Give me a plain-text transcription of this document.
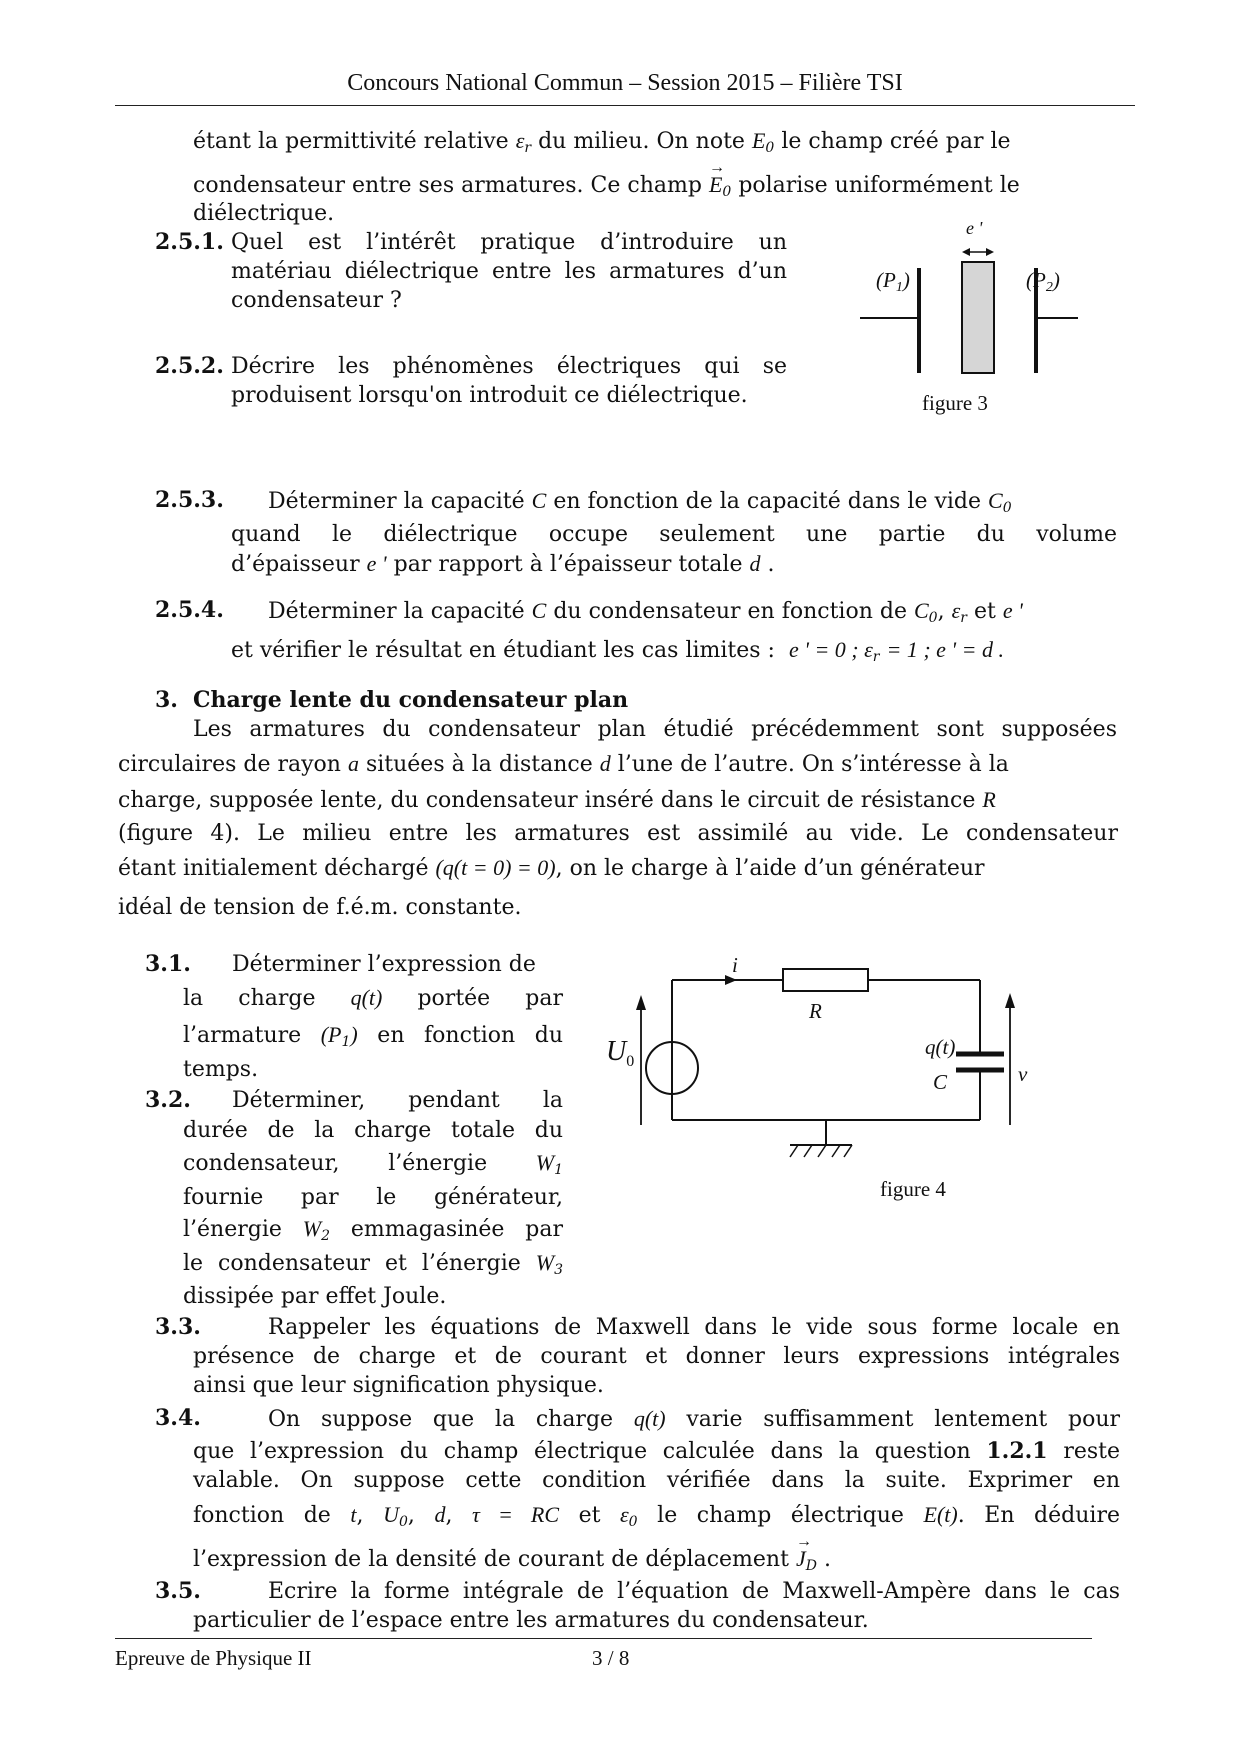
Concours National Commun – Session 2015 – Filière TSI
étant la permittivité relative $\varepsilon_r$ du milieu. On note $E_0$ le champ créé par le
condensateur entre ses armatures. Ce champ → $E_0$ polarise uniformément le
diélectrique.
2.5.1. Quel est l’intérêt pratique d’introduire un matériau diélectrique entre les armatures d’un condensateur ?
2.5.2. Décrire les phénomènes électriques qui se produisent lorsqu'on introduit ce diélectrique.
e '
$(P_1)$	$(P_2)$
figure 3
2.5.3. Déterminer la capacité C en fonction de la capacité dans le vide $C_0$
quand le diélectrique occupe seulement une partie du volume
d’épaisseur e ' par rapport à l’épaisseur totale d .
2.5.4. Déterminer la capacité C du condensateur en fonction de $C_0$, $\varepsilon_r$ et e '
et vérifier le résultat en étudiant les cas limites : e ' = 0 ; $\varepsilon_r = 1$ ; e ' = d .
3. Charge lente du condensateur plan
Les armatures du condensateur plan étudié précédemment sont supposées
circulaires de rayon a situées à la distance d l’une de l’autre. On s’intéresse à la
charge, supposée lente, du condensateur inséré dans le circuit de résistance R
(figure 4). Le milieu entre les armatures est assimilé au vide. Le condensateur
étant initialement déchargé (q(t = 0) = 0), on le charge à l’aide d’un générateur
idéal de tension de f.é.m. constante.
3.1. Déterminer l’expression de
la charge q(t) portée par
l’armature $(P_1)$ en fonction du
temps.
3.2. Déterminer, pendant la
durée de la charge totale du
condensateur, l’énergie $W_1$
fournie par le générateur,
l’énergie $W_2$ emmagasinée par
le condensateur et l’énergie $W_3$
dissipée par effet Joule.
i
R
$U_0$
q(t)
C	v
figure 4
3.3.	Rappeler les équations de Maxwell dans le vide sous forme locale en
présence de charge et de courant et donner leurs expressions intégrales
ainsi que leur signification physique.
3.4.	On suppose que la charge q(t) varie suffisamment lentement pour
que l’expression du champ électrique calculée dans la question 1.2.1 reste
valable. On suppose cette condition vérifiée dans la suite. Exprimer en
fonction de t, $U_0$, d, τ = RC et $\varepsilon_0$ le champ électrique E(t). En déduire
l’expression de la densité de courant de déplacement → $J_D$ .
3.5.	Ecrire la forme intégrale de l’équation de Maxwell-Ampère dans le cas
particulier de l’espace entre les armatures du condensateur.
Epreuve de Physique II	3 / 8
